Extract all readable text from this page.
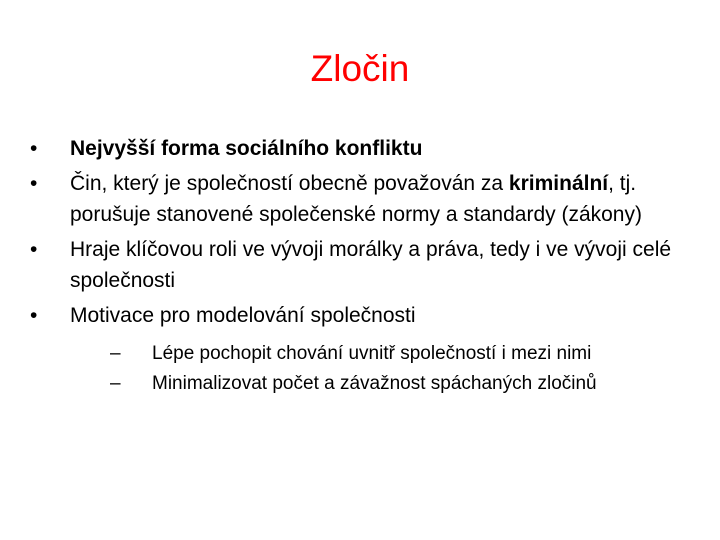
Zločin
• Nejvyšší forma sociálního konfliktu
• Čin, který je společností obecně považován za kriminální, tj. porušuje stanovené společenské normy a standardy (zákony)
• Hraje klíčovou roli ve vývoji morálky a práva, tedy i ve vývoji celé společnosti
• Motivace pro modelování společnosti
– Lépe pochopit chování uvnitř společností i mezi nimi
– Minimalizovat počet a závažnost spáchaných zločinů
